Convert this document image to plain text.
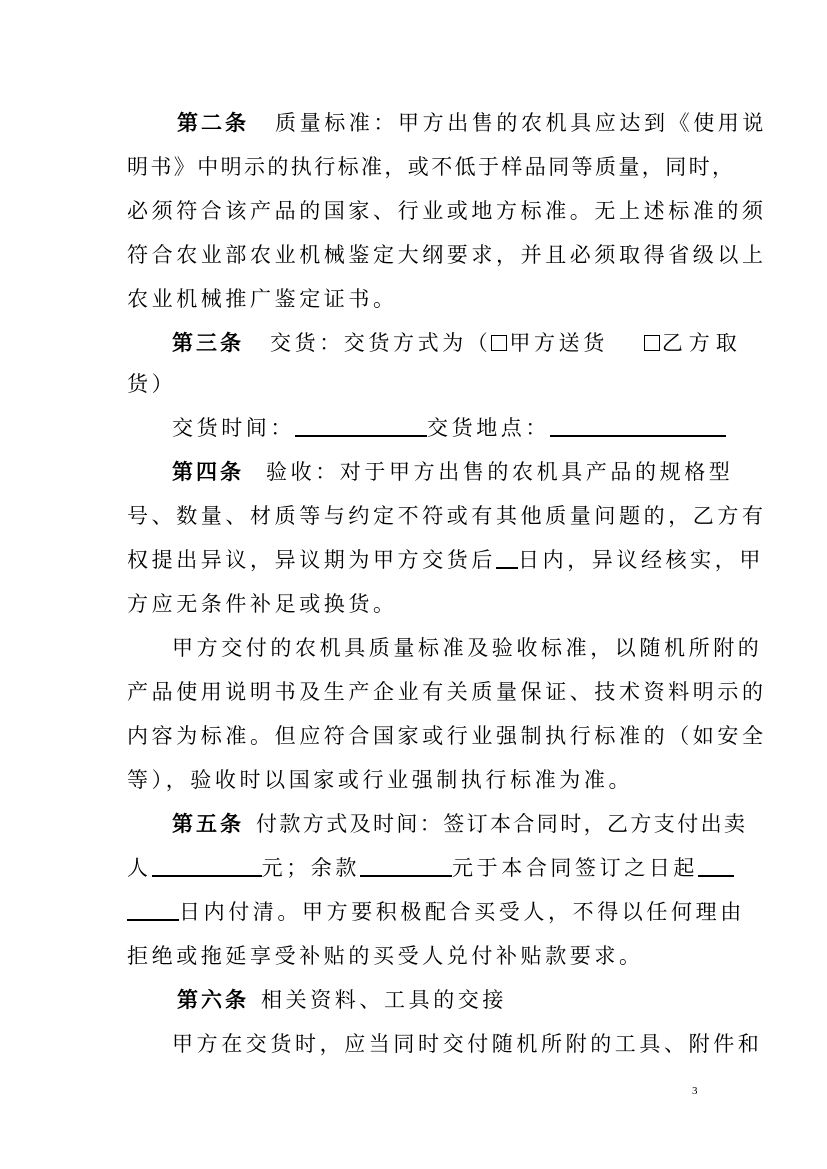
第二条 质量标准：甲方出售的农机具应达到《使用说
明书》中明示的执行标准，或不低于样品同等质量，同时，
必须符合该产品的国家、行业或地方标准。无上述标准的须
符合农业部农业机械鉴定大纲要求，并且必须取得省级以上
农业机械推广鉴定证书。
第三条 交货：交货方式为（ 甲方送货	乙方取
货）
交货时间：	交货地点：
第四条 验收：对于甲方出售的农机具产品的规格型
号、数量、材质等与约定不符或有其他质量问题的，乙方有
权提出异议，异议期为甲方交货后 日内，异议经核实，甲
方应无条件补足或换货。
甲方交付的农机具质量标准及验收标准，以随机所附的
产品使用说明书及生产企业有关质量保证、技术资料明示的
内容为标准。但应符合国家或行业强制执行标准的（如安全
等），验收时以国家或行业强制执行标准为准。
第五条 付款方式及时间：签订本合同时，乙方支付出卖
人	元；余款	元于本合同签订之日起
日内付清。甲方要积极配合买受人，不得以任何理由
拒绝或拖延享受补贴的买受人兑付补贴款要求。
第六条 相关资料、工具的交接
甲方在交货时，应当同时交付随机所附的工具、附件和
3
